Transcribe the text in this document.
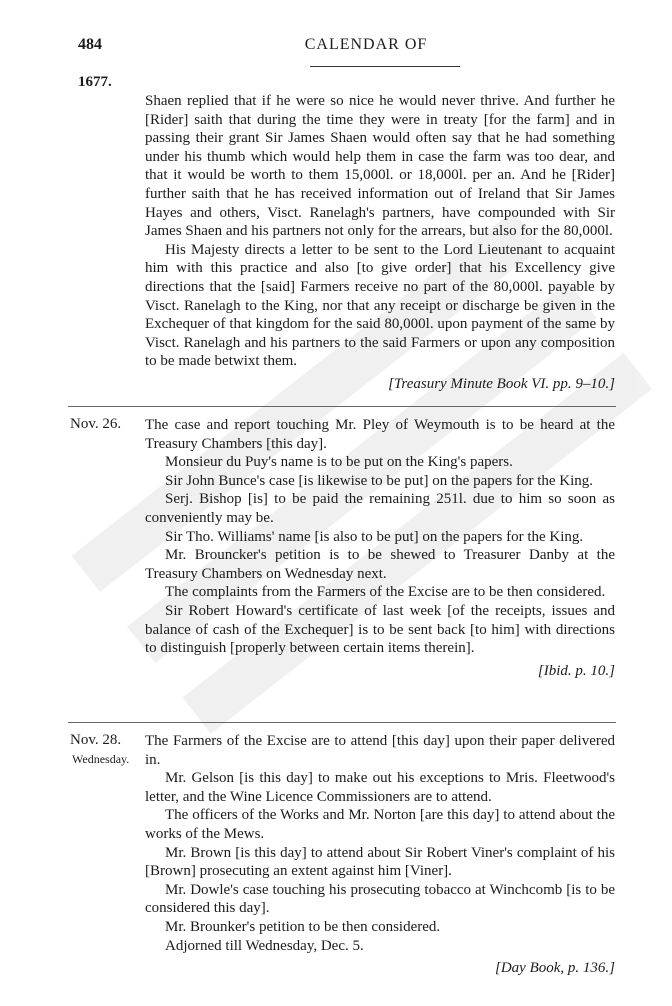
484	CALENDAR OF
1677.

Shaen replied that if he were so nice he would never thrive. And further he [Rider] saith that during the time they were in treaty [for the farm] and in passing their grant Sir James Shaen would often say that he had something under his thumb which would help them in case the farm was too dear, and that it would be worth to them 15,000l. or 18,000l. per an. And he [Rider] further saith that he has received information out of Ireland that Sir James Hayes and others, Visct. Ranelagh's partners, have compounded with Sir James Shaen and his partners not only for the arrears, but also for the 80,000l.

His Majesty directs a letter to be sent to the Lord Lieutenant to acquaint him with this practice and also [to give order] that his Excellency give directions that the [said] Farmers receive no part of the 80,000l. payable by Visct. Ranelagh to the King, nor that any receipt or discharge be given in the Exchequer of that kingdom for the said 80,000l. upon payment of the same by Visct. Ranelagh and his partners to the said Farmers or upon any composition to be made betwixt them.

[Treasury Minute Book VI. pp. 9–10.]

Nov. 26. The case and report touching Mr. Pley of Weymouth is to be heard at the Treasury Chambers [this day].

Monsieur du Puy's name is to be put on the King's papers.

Sir John Bunce's case [is likewise to be put] on the papers for the King.

Serj. Bishop [is] to be paid the remaining 251l. due to him so soon as conveniently may be.

Sir Tho. Williams' name [is also to be put] on the papers for the King.

Mr. Brouncker's petition is to be shewed to Treasurer Danby at the Treasury Chambers on Wednesday next.

The complaints from the Farmers of the Excise are to be then considered.

Sir Robert Howard's certificate of last week [of the receipts, issues and balance of cash of the Exchequer] is to be sent back [to him] with directions to distinguish [properly between certain items therein].

[Ibid. p. 10.]

Nov. 28.
Wednesday.

The Farmers of the Excise are to attend [this day] upon their paper delivered in.

Mr. Gelson [is this day] to make out his exceptions to Mris. Fleetwood's letter, and the Wine Licence Commissioners are to attend.

The officers of the Works and Mr. Norton [are this day] to attend about the works of the Mews.

Mr. Brown [is this day] to attend about Sir Robert Viner's complaint of his [Brown] prosecuting an extent against him [Viner].

Mr. Dowle's case touching his prosecuting tobacco at Winchcomb [is to be considered this day].

Mr. Brounker's petition to be then considered.

Adjorned till Wednesday, Dec. 5.

[Day Book, p. 136.]
